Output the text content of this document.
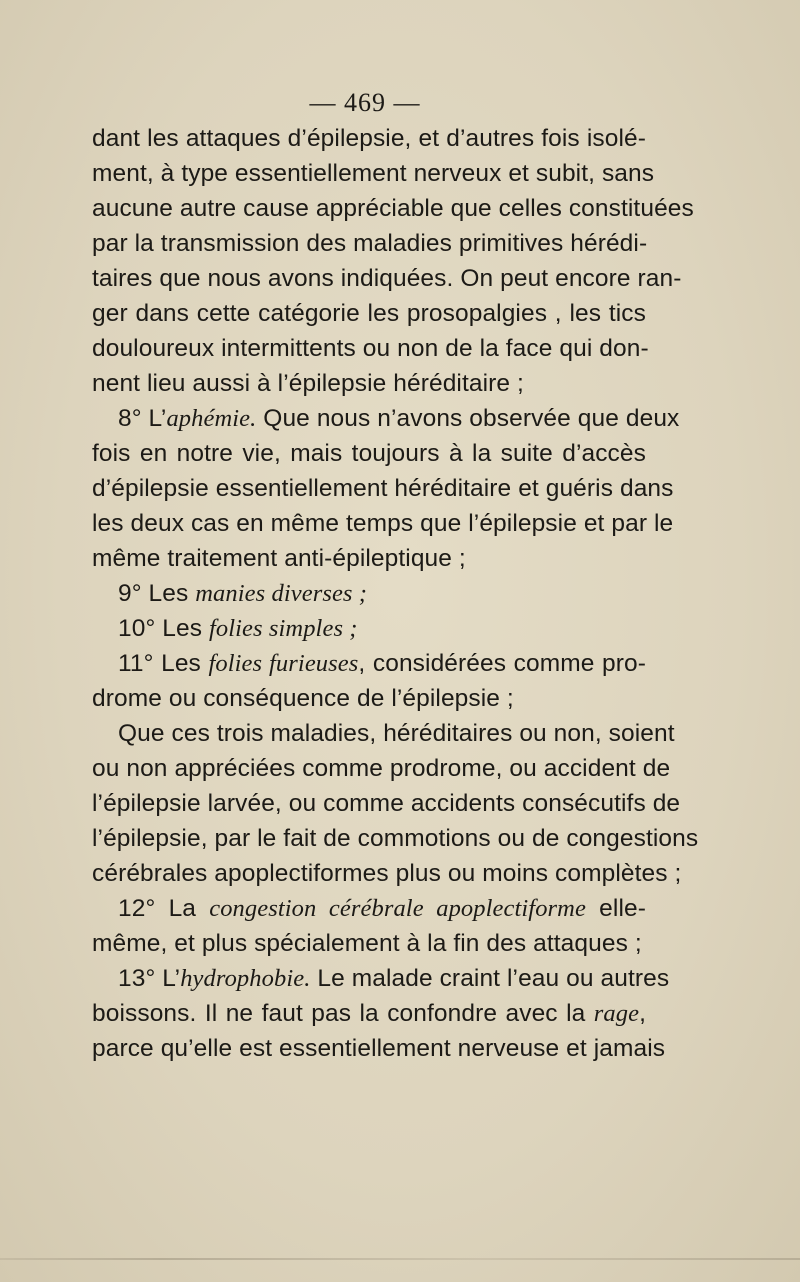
— 469 —
dant les attaques d’épilepsie, et d’autres fois isolé-
ment, à type essentiellement nerveux et subit, sans
aucune autre cause appréciable que celles constituées
par la transmission des maladies primitives hérédi-
taires que nous avons indiquées. On peut encore ran-
ger dans cette catégorie les prosopalgies , les tics
douloureux intermittents ou non de la face qui don-
nent lieu aussi à l’épilepsie héréditaire ;
8° L’aphémie. Que nous n’avons observée que deux
fois en notre vie, mais toujours à la suite d’accès
d’épilepsie essentiellement héréditaire et guéris dans
les deux cas en même temps que l’épilepsie et par le
même traitement anti-épileptique ;
9° Les manies diverses ;
10° Les folies simples ;
11° Les folies furieuses, considérées comme pro-
drome ou conséquence de l’épilepsie ;
Que ces trois maladies, héréditaires ou non, soient
ou non appréciées comme prodrome, ou accident de
l’épilepsie larvée, ou comme accidents consécutifs de
l’épilepsie, par le fait de commotions ou de congestions
cérébrales apoplectiformes plus ou moins complètes ;
12° La congestion cérébrale apoplectiforme elle-
même, et plus spécialement à la fin des attaques ;
13° L’hydrophobie. Le malade craint l’eau ou autres
boissons. Il ne faut pas la confondre avec la rage,
parce qu’elle est essentiellement nerveuse et jamais
